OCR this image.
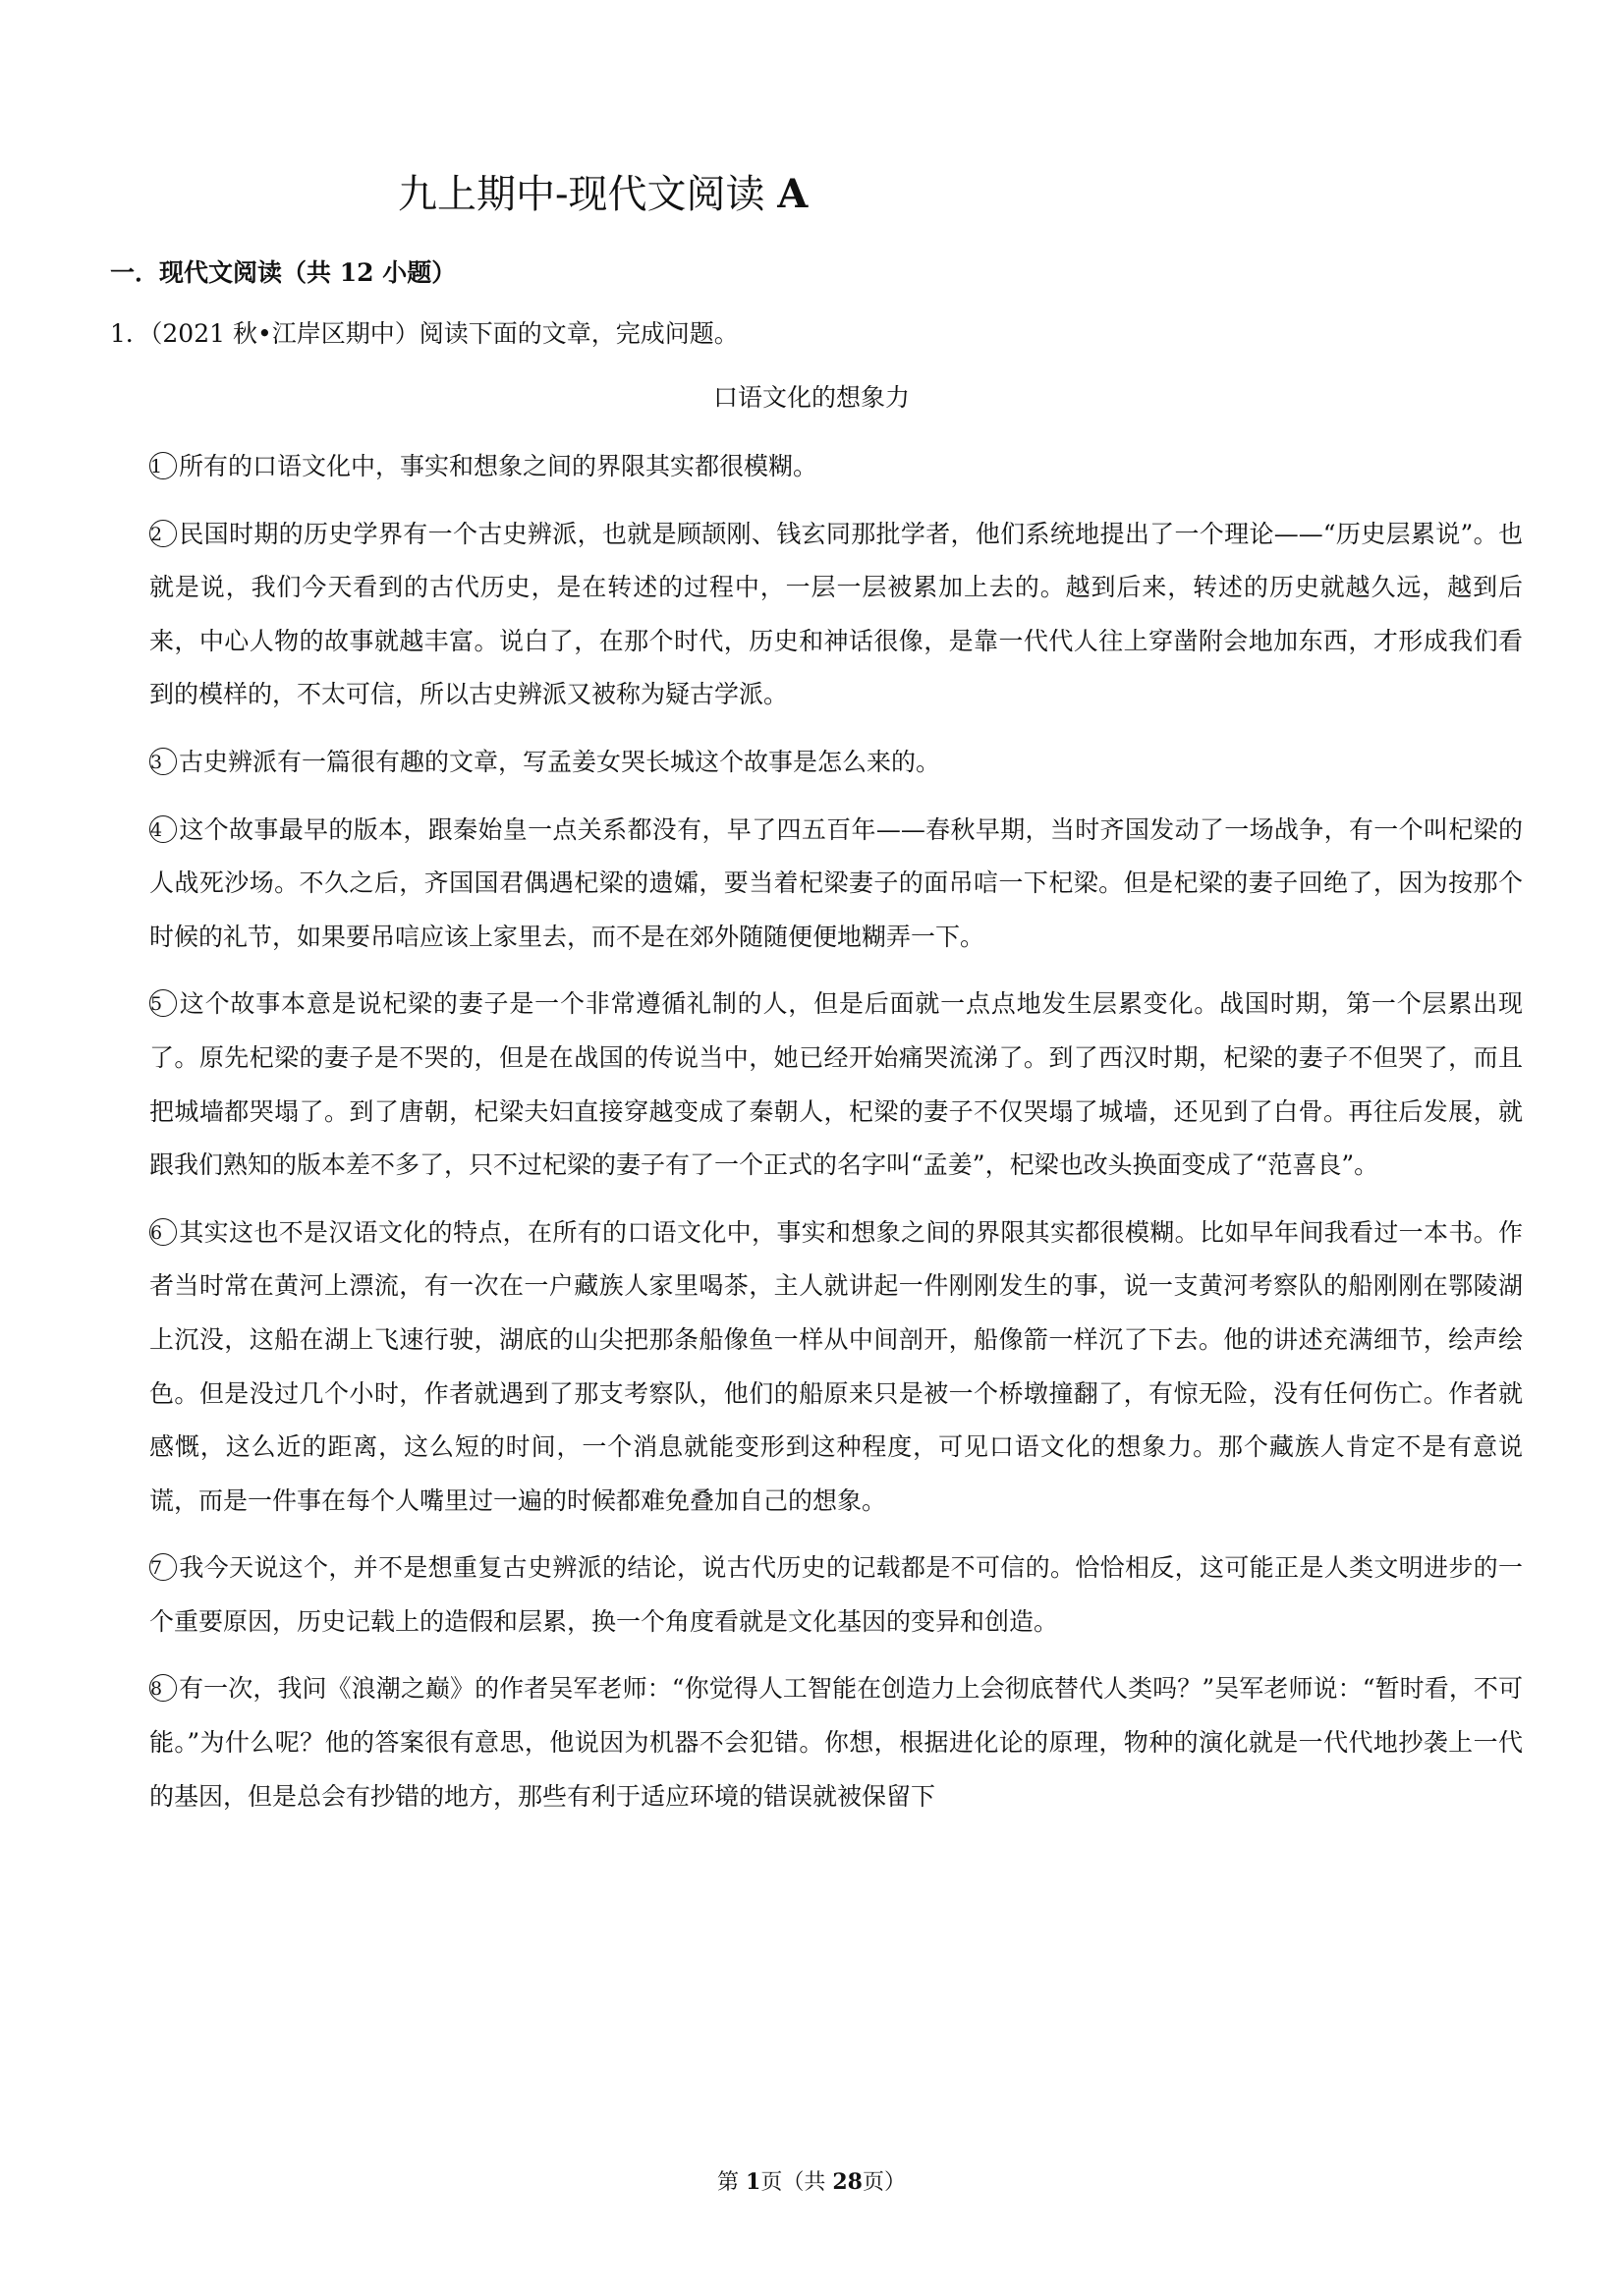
九上期中-现代文阅读 A
一．现代文阅读（共 12 小题）
1．（2021 秋•江岸区期中）阅读下面的文章，完成问题。
口语文化的想象力

1 所有的口语文化中，事实和想象之间的界限其实都很模糊。

2 民国时期的历史学界有一个古史辨派，也就是顾颉刚、钱玄同那批学者，他们系统地提出了一个理论——“历史层累说”。也就是说，我们今天看到的古代历史，是在转述的过程中，一层一层被累加上去的。越到后来，转述的历史就越久远，越到后来，中心人物的故事就越丰富。说白了，在那个时代，历史和神话很像，是靠一代代人往上穿凿附会地加东西，才形成我们看到的模样的，不太可信，所以古史辨派又被称为疑古学派。

3 古史辨派有一篇很有趣的文章，写孟姜女哭长城这个故事是怎么来的。

4 这个故事最早的版本，跟秦始皇一点关系都没有，早了四五百年——春秋早期，当时齐国发动了一场战争，有一个叫杞梁的人战死沙场。不久之后，齐国国君偶遇杞梁的遗孀，要当着杞梁妻子的面吊唁一下杞梁。但是杞梁的妻子回绝了，因为按那个时候的礼节，如果要吊唁应该上家里去，而不是在郊外随随便便地糊弄一下。

5 这个故事本意是说杞梁的妻子是一个非常遵循礼制的人，但是后面就一点点地发生层累变化。战国时期，第一个层累出现了。原先杞梁的妻子是不哭的，但是在战国的传说当中，她已经开始痛哭流涕了。到了西汉时期，杞梁的妻子不但哭了，而且把城墙都哭塌了。到了唐朝，杞梁夫妇直接穿越变成了秦朝人，杞梁的妻子不仅哭塌了城墙，还见到了白骨。再往后发展，就跟我们熟知的版本差不多了，只不过杞梁的妻子有了一个正式的名字叫“孟姜”，杞梁也改头换面变成了“范喜良”。

6 其实这也不是汉语文化的特点，在所有的口语文化中，事实和想象之间的界限其实都很模糊。比如早年间我看过一本书。作者当时常在黄河上漂流，有一次在一户藏族人家里喝茶，主人就讲起一件刚刚发生的事，说一支黄河考察队的船刚刚在鄂陵湖上沉没，这船在湖上飞速行驶，湖底的山尖把那条船像鱼一样从中间剖开，船像箭一样沉了下去。他的讲述充满细节，绘声绘色。但是没过几个小时，作者就遇到了那支考察队，他们的船原来只是被一个桥墩撞翻了，有惊无险，没有任何伤亡。作者就感慨，这么近的距离，这么短的时间，一个消息就能变形到这种程度，可见口语文化的想象力。那个藏族人肯定不是有意说谎，而是一件事在每个人嘴里过一遍的时候都难免叠加自己的想象。

7 我今天说这个，并不是想重复古史辨派的结论，说古代历史的记载都是不可信的。恰恰相反，这可能正是人类文明进步的一个重要原因，历史记载上的造假和层累，换一个角度看就是文化基因的变异和创造。

8 有一次，我问《浪潮之巅》的作者吴军老师：“你觉得人工智能在创造力上会彻底替代人类吗？”吴军老师说：“暂时看，不可能。”为什么呢？他的答案很有意思，他说因为机器不会犯错。你想，根据进化论的原理，物种的演化就是一代代地抄袭上一代的基因，但是总会有抄错的地方，那些有利于适应环境的错误就被保留下

第 1页（共 28页）
